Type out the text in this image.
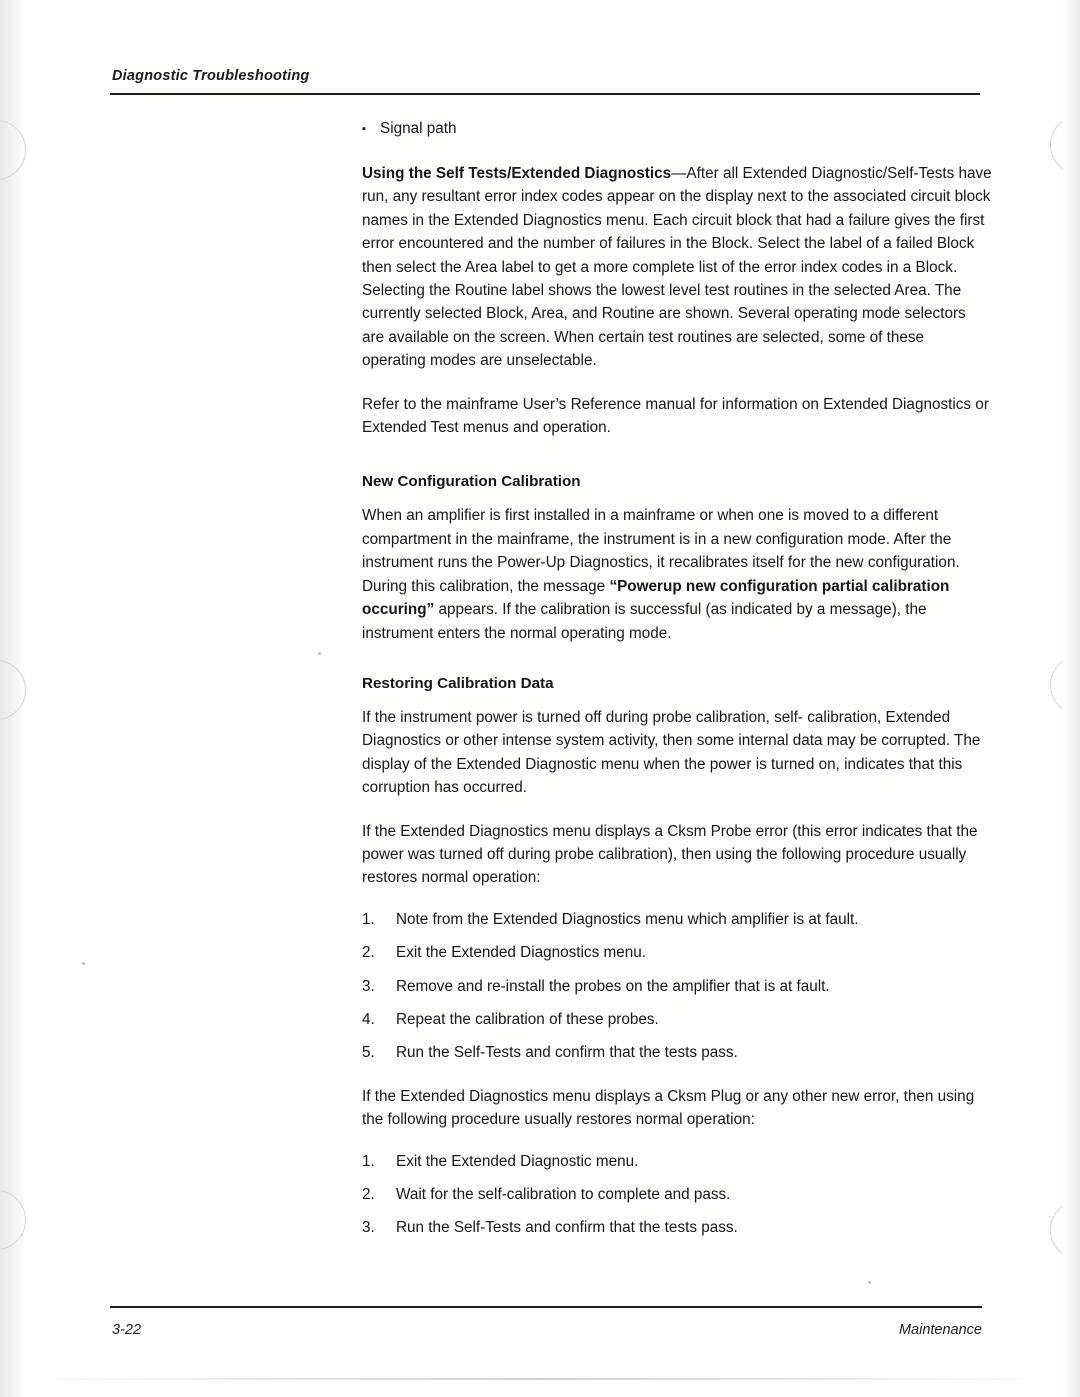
Diagnostic Troubleshooting
▪ Signal path

Using the Self Tests/Extended Diagnostics—After all Extended Diagnostic/Self-Tests have run, any resultant error index codes appear on the display next to the associated circuit block names in the Extended Diagnostics menu. Each circuit block that had a failure gives the first error encountered and the number of failures in the Block. Select the label of a failed Block then select the Area label to get a more complete list of the error index codes in a Block. Selecting the Routine label shows the lowest level test routines in the selected Area. The currently selected Block, Area, and Routine are shown. Several operating mode selectors are available on the screen. When certain test routines are selected, some of these operating modes are unselectable.

Refer to the mainframe User’s Reference manual for information on Extended Diagnostics or Extended Test menus and operation.

New Configuration Calibration

When an amplifier is first installed in a mainframe or when one is moved to a different compartment in the mainframe, the instrument is in a new configuration mode. After the instrument runs the Power-Up Diagnostics, it recalibrates itself for the new configuration. During this calibration, the message “Powerup new configuration partial calibration occuring” appears. If the calibration is successful (as indicated by a message), the instrument enters the normal operating mode.

Restoring Calibration Data

If the instrument power is turned off during probe calibration, self- calibration, Extended Diagnostics or other intense system activity, then some internal data may be corrupted. The display of the Extended Diagnostic menu when the power is turned on, indicates that this corruption has occurred.

If the Extended Diagnostics menu displays a Cksm Probe error (this error indicates that the power was turned off during probe calibration), then using the following procedure usually restores normal operation:

1.	Note from the Extended Diagnostics menu which amplifier is at fault.
2.	Exit the Extended Diagnostics menu.
3.	Remove and re-install the probes on the amplifier that is at fault.
4.	Repeat the calibration of these probes.
5.	Run the Self-Tests and confirm that the tests pass.

If the Extended Diagnostics menu displays a Cksm Plug or any other new error, then using the following procedure usually restores normal operation:

1.	Exit the Extended Diagnostic menu.
2.	Wait for the self-calibration to complete and pass.
3.	Run the Self-Tests and confirm that the tests pass.
3-22	Maintenance
